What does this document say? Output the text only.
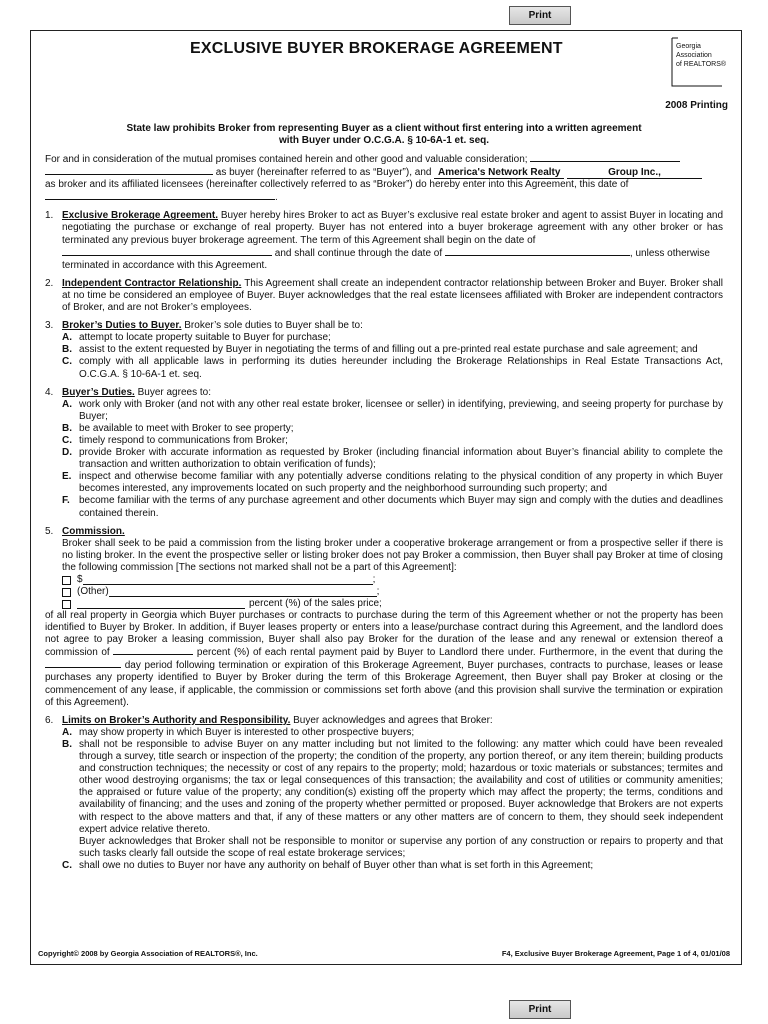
Print
EXCLUSIVE BUYER BROKERAGE AGREEMENT	Georgia
Association
of REALTORS®
2008 Printing
State law prohibits Broker from representing Buyer as a client without first entering into a written agreement
with Buyer under O.C.G.A. § 10-6A-1 et. seq.
For and in consideration of the mutual promises contained herein and other good and valuable consideration;
as buyer (hereinafter referred to as “Buyer”), and America's Network Realty	Group Inc.,
as broker and its affiliated licensees (hereinafter collectively referred to as “Broker”) do hereby enter into this Agreement, this date of
.
1. Exclusive Brokerage Agreement. Buyer hereby hires Broker to act as Buyer’s exclusive real estate broker and agent to assist Buyer in locating and negotiating the purchase or exchange of real property. Buyer has not entered into a buyer brokerage agreement with any other broker or has terminated any previous buyer brokerage agreement. The term of this Agreement shall begin on the date of
and shall continue through the date of	, unless otherwise
terminated in accordance with this Agreement.
2. Independent Contractor Relationship. This Agreement shall create an independent contractor relationship between Broker and Buyer. Broker shall at no time be considered an employee of Buyer. Buyer acknowledges that the real estate licensees affiliated with Broker are independent contractors of Broker, and are not Broker’s employees.
3. Broker’s Duties to Buyer. Broker’s sole duties to Buyer shall be to:
A. attempt to locate property suitable to Buyer for purchase;
B. assist to the extent requested by Buyer in negotiating the terms of and filling out a pre-printed real estate purchase and sale agreement; and
C. comply with all applicable laws in performing its duties hereunder including the Brokerage Relationships in Real Estate Transactions Act, O.C.G.A. § 10-6A-1 et. seq.
4. Buyer’s Duties. Buyer agrees to:
A. work only with Broker (and not with any other real estate broker, licensee or seller) in identifying, previewing, and seeing property for purchase by Buyer;
B. be available to meet with Broker to see property;
C. timely respond to communications from Broker;
D. provide Broker with accurate information as requested by Broker (including financial information about Buyer’s financial ability to complete the transaction and written authorization to obtain verification of funds);
E. inspect and otherwise become familiar with any potentially adverse conditions relating to the physical condition of any property in which Buyer becomes interested, any improvements located on such property and the neighborhood surrounding such property; and
F. become familiar with the terms of any purchase agreement and other documents which Buyer may sign and comply with the duties and deadlines contained therein.
5. Commission.
Broker shall seek to be paid a commission from the listing broker under a cooperative brokerage arrangement or from a prospective seller if there is no listing broker. In the event the prospective seller or listing broker does not pay Broker a commission, then Buyer shall pay Broker at time of closing the following commission [The sections not marked shall not be a part of this Agreement]:
$	;
(Other)	;
percent (%) of the sales price;
of all real property in Georgia which Buyer purchases or contracts to purchase during the term of this Agreement whether or not the property has been identified to Buyer by Broker. In addition, if Buyer leases property or enters into a lease/purchase contract during this Agreement, and the landlord does not agree to pay Broker a leasing commission, Buyer shall also pay Broker for the duration of the lease and any renewal or extension thereof a commission of	percent (%) of each rental payment paid by Buyer to Landlord there under. Furthermore, in the event that during the  day period following termination or expiration of this Brokerage Agreement, Buyer purchases, contracts to purchase, leases or lease purchases any property identified to Buyer by Broker during the term of this Brokerage Agreement, then Buyer shall pay Broker at closing or the commencement of any lease, if applicable, the commission or commissions set forth above (and this provision shall survive the termination or expiration of this Agreement).
6. Limits on Broker’s Authority and Responsibility. Buyer acknowledges and agrees that Broker:
A. may show property in which Buyer is interested to other prospective buyers;
B. shall not be responsible to advise Buyer on any matter including but not limited to the following: any matter which could have been revealed through a survey, title search or inspection of the property; the condition of the property, any portion thereof, or any item therein; building products and construction techniques; the necessity or cost of any repairs to the property; mold; hazardous or toxic materials or substances; termites and other wood destroying organisms; the tax or legal consequences of this transaction; the availability and cost of utilities or community amenities; the appraised or future value of the property; any condition(s) existing off the property which may affect the property; the terms, conditions and availability of financing; and the uses and zoning of the property whether permitted or proposed. Buyer acknowledge that Brokers are not experts with respect to the above matters and that, if any of these matters or any other matters are of concern to them, they should seek independent expert advice relative thereto.
Buyer acknowledges that Broker shall not be responsible to monitor or supervise any portion of any construction or repairs to property and that such tasks clearly fall outside the scope of real estate brokerage services;
C. shall owe no duties to Buyer nor have any authority on behalf of Buyer other than what is set forth in this Agreement;
Copyright© 2008 by Georgia Association of REALTORS®, Inc.	F4, Exclusive Buyer Brokerage Agreement, Page 1 of 4, 01/01/08
Print
